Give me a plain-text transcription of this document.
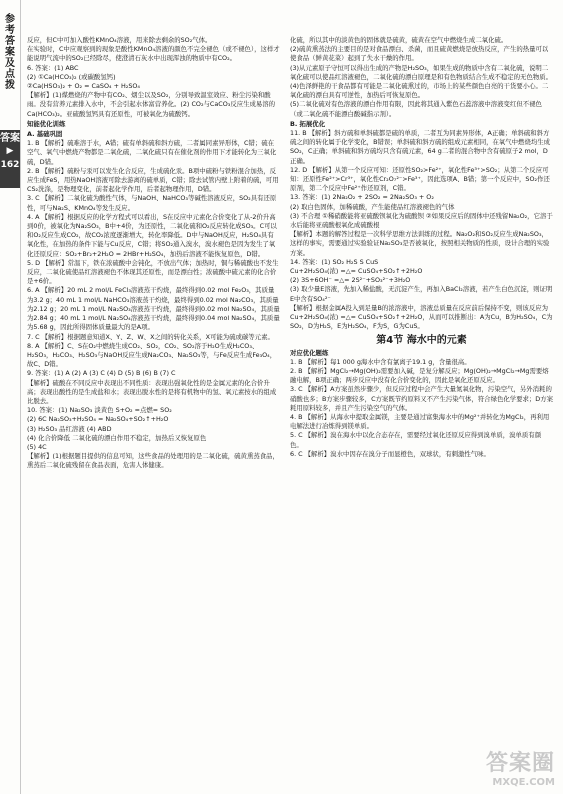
参考答案及点拨
答案
▶
162

反应，但C中可加入酸性KMnO₄溶液，用来除去剩余的SO₂气体。

在实验时，C中应观察到的现象是酸性KMnO₄溶液的颜色不完全褪色（或不褪色），这样才能说明气流中的SO₂已经除尽，使澄清石灰水中出现浑浊的物质中有CO₂。

6. 答案：(1) ABC

(2) ①Ca(HCO₃)₂ (或碳酸氢钙)

②Ca(HSO₃)₂ + O₂ = CaSO₄ + H₂SO₄

【解析】(1)煤燃烧的产物中有CO₂、烟尘以及SO₂，分别导致温室效应、粉尘污染和酸雨。没有营养元素排入水中，不会引起水体富营养化。(2) CO₂与CaCO₃反应生成易溶的Ca(HCO₃)₂。亚硫酸氢钙具有还原性，可被氧化为硫酸钙。

知能优化训练

A. 基础巩固

1. B 【解析】硫难溶于水，A错；硫有单斜硫和斜方硫，二者属同素异形体，C错；硫在空气、氧气中燃烧产物都是二氧化硫，二氧化硫只有在催化剂的作用下才能转化为三氧化硫，D错。

2. B 【解析】硫粉与汞可以发生化合反应，生成硫化汞。B项中硫粉与铁粉混合加热，反应生成FeS，用热NaOH溶液可除去游离的硫单质，C错；除去试管内壁上附着的硫，可用CS₂洗涤，是物理变化，前者起化学作用，后者起物理作用，D错。

3. C 【解析】二氧化硫为酸性气体，与NaOH、NaHCO₃等碱性溶液反应，SO₂具有还原性，可与Na₂S、KMnO₄等发生反应。

4. A 【解析】根据反应的化学方程式可以看出，S在反应中元素化合价变化了从-2价升高到0价，被氧化为Na₂SO₃，B中+4价，为还原性，二氧化硫和O₂反应转化成SO₃。C可以和O₂反应生成CO₂，故CO₂浓度逐渐增大，转化率降低。D中与NaOH反应，H₂SO₄具有氧化性，在加热的条件下能与Cu反应，C错；将SO₂通入溴水，溴水褪色是因为发生了氧化还原反应：SO₂+Br₂+2H₂O = 2HBr+H₂SO₄，加热后溶液不能恢复原色，D错。

5. D 【解析】常温下，铁在浓硫酸中会钝化，不放出气体；加热时，铜与稀硫酸也不发生反应，二氧化硫使品红溶液褪色不体现其还原性，而是漂白性；浓硫酸中硫元素的化合价是+6价。

6. A 【解析】20 mL 2 mol/L FeCl₃溶液蒸干灼烧，最终得到0.02 mol Fe₂O₃，其质量为3.2 g；40 mL 1 mol/L NaHCO₃溶液蒸干灼烧，最终得到0.02 mol Na₂CO₃，其质量为2.12 g；20 mL 1 mol/L Na₂SO₃溶液蒸干灼烧，最终得到0.02 mol Na₂SO₄，其质量为2.84 g；40 mL 1 mol/L Na₂SO₄溶液蒸干灼烧，最终得到0.04 mol Na₂SO₄，其质量为5.68 g，因此所得固体质量最大的是A项。

7. C 【解析】根据题意知道X、Y、Z、W、X之间的转化关系，X可能为硫或碳等元素。

8. A 【解析】C、S在O₂中燃烧生成CO₂、SO₂，CO₂、SO₂溶于H₂O生成H₂CO₃、H₂SO₃，H₂CO₃、H₂SO₃与NaOH反应生成Na₂CO₃、Na₂SO₃等，与Fe反应生成Fe₃O₄，故C、D错。

9. 答案：(1) A (2) A (3) C (4) D (5) B (6) B (7) C

【解析】硫酸在不同反应中表现出不同性质：表现出强氧化性的是金属元素的化合价升高；表现出酸性的是生成盐和水；表现出脱水性的是将有机物中的氢、氧元素按水的组成比脱去。

10. 答案：(1) Na₂SO₃ 淡黄色 S+O₂ =点燃= SO₂

(2) 6C Na₂SO₃+H₂SO₄ = Na₂SO₄+SO₂↑+H₂O

(3) H₂SO₃ 品红溶液 (4) ABD

(4) 化合价降低 二氧化硫的漂白作用不稳定，加热后又恢复原色

(5) 4C

【解析】(1)根据题目提供的信息可知，这些食品的处理用的是二氧化硫，硫黄熏蒸食品，熏蒸后二氧化硫残留在食品表面，危害人体健康。

化硫，所以其中的淡黄色的固体就是硫黄，硫黄在空气中燃烧生成二氧化硫。

(2)硫黄熏蒸法的主要目的是对食品漂白、杀菌，而且硫黄燃烧是放热反应，产生的热量可以使食品（鲜黄花菜）起到了失水干燥的作用。

(3)从元素原子守恒可以得出生成的产物是H₂SO₃，如果生成的物质中含有二氧化硫，说明二氧化硫可以使品红溶液褪色，二氧化硫的漂白原理是和有色物质结合生成不稳定的无色物质。

(4)色泽鲜艳的干食品都有可能是二氧化硫熏过的，市场上的某些颜色白亮的干货要小心。二氧化硫的漂白具有可逆性，加热后可恢复原色。

(5)二氧化硫对有色溶液的漂白作用有限，因此将其通入紫色石蕊溶液中溶液变红但不褪色（或二氧化硫不能漂白酸碱指示剂）。

B. 拓展优化

11. B 【解析】斜方硫和单斜硫都是硫的单质，二者互为同素异形体，A正确；单斜硫和斜方硫之间的转化属于化学变化，B错误；单斜硫和斜方硫的组成元素相同，在氧气中燃烧均生成SO₂，C正确；单斜硫和斜方硫均只含有硫元素，64 g二者的混合物中含有硫原子2 mol，D正确。

12. D 【解析】从第一个反应可知：还原性SO₂>Fe²⁺，氧化性Fe³⁺>SO₂；从第二个反应可知：还原性Fe²⁺>Cr³⁺，氧化性Cr₂O₇²⁻>Fe³⁺，因此选项A、B错；第一个反应中，SO₂作还原剂，第二个反应中Fe²⁺作还原剂，C错。

13. 答案：(1) 2Na₂O₂ + 2SO₂ = 2Na₂SO₃ + O₂

(2) 取白色固体，加稀硫酸，产生能使品红溶液褪色的气体

(3) 不合理 ①稀硝酸能将亚硫酸钡氧化为硫酸钡 ②如果反应后的固体中还残留Na₂O₂，它溶于水后能将亚硫酸根氧化成硫酸根

【解析】本题的解答过程是一次科学思维方法训练的过程。Na₂O₂和SO₂反应生成Na₂SO₃，这样的事实，需要通过实验验证Na₂SO₃是否被氧化，按照相关物质的性质，设计合理的实验方案。

14. 答案：(1) SO₂ H₂S S CuS

Cu+2H₂SO₄(浓) =△= CuSO₄+SO₂↑+2H₂O

(2) 3S+6OH⁻ =△= 2S²⁻+SO₃²⁻+3H₂O

(3) 取少量E溶液，先加入稀盐酸，无沉淀产生，再加入BaCl₂溶液，若产生白色沉淀，则证明E中含有SO₄²⁻

【解析】根据金属A投入到足量B的浓溶液中，溶液总质量在反应前后保持不变，则该反应为Cu+2H₂SO₄(浓) =△= CuSO₄+SO₂↑+2H₂O，从而可以推断出：A为Cu，B为H₂SO₄，C为SO₂，D为H₂S，E为H₂SO₄，F为S，G为CuS。

第4节 海水中的元素

对应优化题练

1. B 【解析】每1 000 g海水中含有氯离子19.1 g，含量很高。

2. B 【解析】MgCl₂→Mg(OH)₂需要加入碱，是复分解反应；Mg(OH)₂→MgCl₂→Mg需要熔融电解，B项正确；两步反应中没有化合价变化的，因此是氧化还原反应。

3. C 【解析】A方案虽然步骤少，但反应过程中会产生大量氮氧化物，污染空气，另外消耗的硝酸也多；B方案步骤较多，C方案既节约原料又不产生污染气体，符合绿色化学要求；D方案耗用原料较多，并且产生污染空气的气体。

4. B 【解析】从海水中提取金属镁，主要是通过富集海水中的Mg²⁺并转化为MgCl₂，再利用电解法进行冶炼得到镁单质。

5. C 【解析】溴在海水中以化合态存在，需要经过氧化还原反应得到溴单质，溴单质有颜色。

6. C 【解析】溴水中因存在溴分子而显橙色，双球状，有刺激性气味。

答案圈
MXQE.COM
